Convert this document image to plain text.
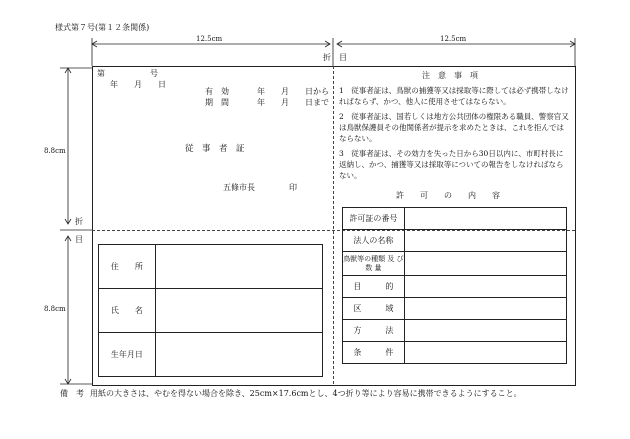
様式第７号(第１２条関係)
12.5cm	12.5cm
折　目
8.8cm
8.8cm
折
目
第	号
年　　月　　日
有　効
期　間
年　　月　　日から
年　　月　　日まで
従　事　者　証
五條市長	印
注　意　事　項

1　従事者証は、鳥獣の捕獲等又は採取等に際しては必ず携帯しなければならず、かつ、他人に使用させてはならない。

2　従事者証は、国若しくは地方公共団体の権限ある職員、警察官又は鳥獣保護員その他関係者が提示を求めたときは、これを拒んではならない。

3　従事者証は、その効力を失った日から30日以内に、市町村長に返納し、かつ、捕獲等又は採取等についての報告をしなければならない。

許　　可　　の　　内　　容
許可証の番号	
法人の名称	
鳥獣等の種類 及 び 数 量	
目　　　的	
区　　　域	
方　　　法	
条　　　件	
住　　所	
氏　　名	
生年月日	
備　考 用紙の大きさは、やむを得ない場合を除き、25cm×17.6cmとし、4つ折り等により容易に携帯できるようにすること。
